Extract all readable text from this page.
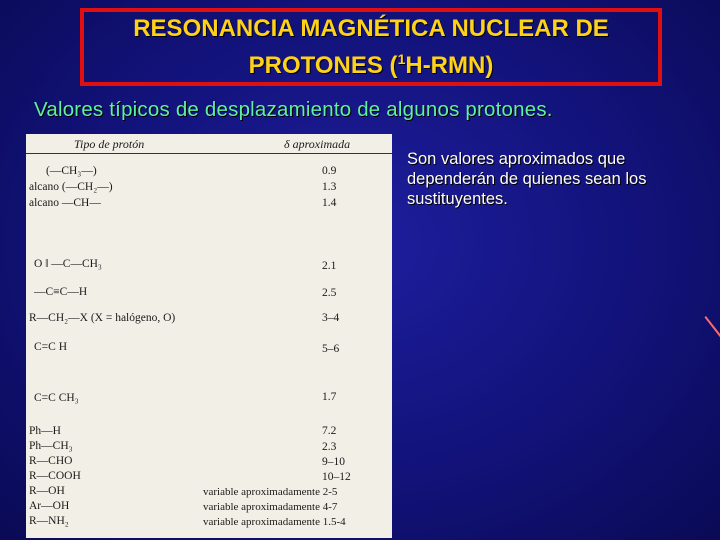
RESONANCIA MAGNÉTICA NUCLEAR DE
PROTONES ($^1$H-RMN)
Valores típicos de desplazamiento de algunos protones.
Tipo de protón	δ aproximada
(—CH₃—)	0.9
alcano (—CH₂—)	1.3
alcano —CH—	1.4
O ‖ —C—CH₃	2.1
—C≡C—H	2.5
R—CH₂—X (X = halógeno, O)	3–4
C=C H	5–6
C=C CH₃	1.7
Ph—H	7.2
Ph—CH₃	2.3
R—CHO	9–10
R—COOH	10–12
R—OH	variable aproximadamente 2-5
Ar—OH	variable aproximadamente 4-7
R—NH₂	variable aproximadamente 1.5-4
Son valores aproximados que dependerán de quienes sean los sustituyentes.
